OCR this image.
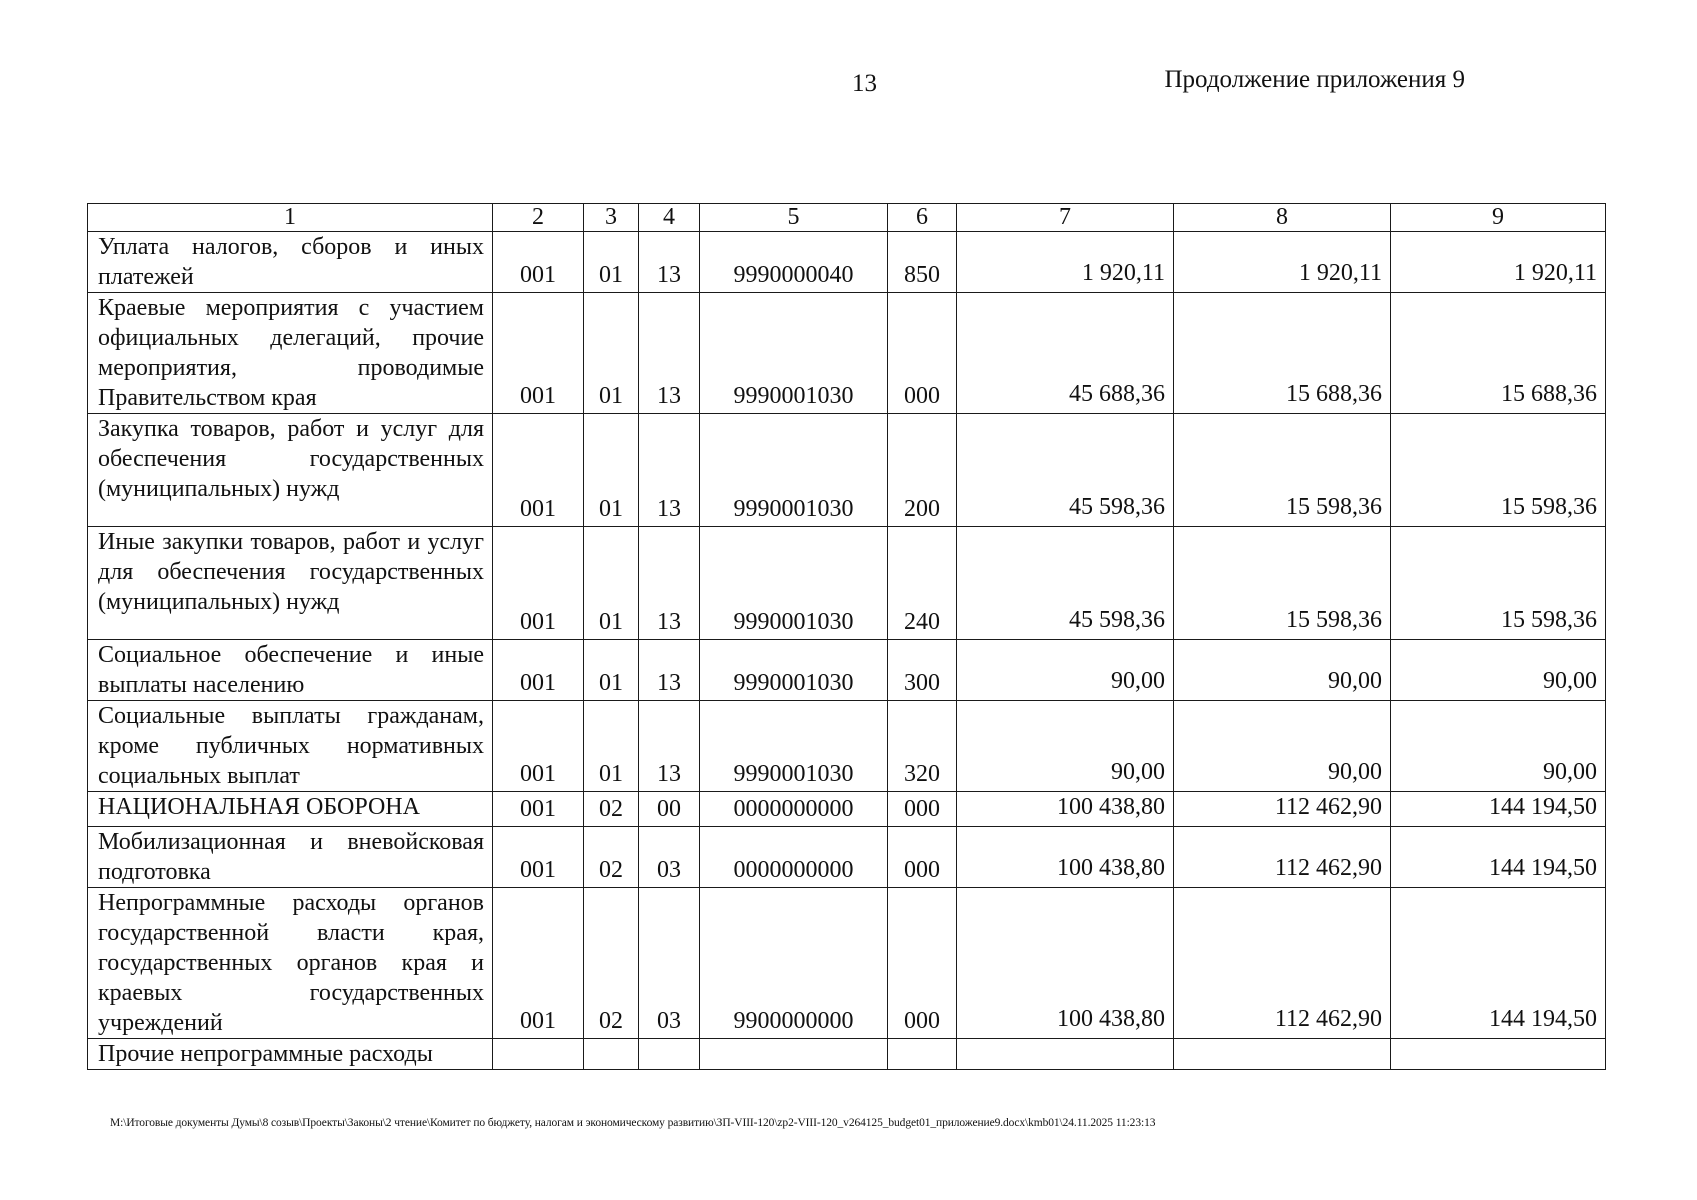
13	Продолжение приложения 9
1	2	3	4	5	6	7	8	9
Уплата налогов, сборов и иных платежей	001	01	13	9990000040	850	1 920,11	1 920,11	1 920,11
Краевые мероприятия с участием официальных делегаций, прочие мероприятия, проводимые Правительством края	001	01	13	9990001030	000	45 688,36	15 688,36	15 688,36
Закупка товаров, работ и услуг для обеспечения государственных (муниципальных) нужд	001	01	13	9990001030	200	45 598,36	15 598,36	15 598,36
Иные закупки товаров, работ и услуг для обеспечения государственных (муниципальных) нужд	001	01	13	9990001030	240	45 598,36	15 598,36	15 598,36
Социальное обеспечение и иные выплаты населению	001	01	13	9990001030	300	90,00	90,00	90,00
Социальные выплаты гражданам, кроме публичных нормативных социальных выплат	001	01	13	9990001030	320	90,00	90,00	90,00
НАЦИОНАЛЬНАЯ ОБОРОНА	001	02	00	0000000000	000	100 438,80	112 462,90	144 194,50
Мобилизационная и вневойсковая подготовка	001	02	03	0000000000	000	100 438,80	112 462,90	144 194,50
Непрограммные расходы органов государственной власти края, государственных органов края и краевых государственных учреждений	001	02	03	9900000000	000	100 438,80	112 462,90	144 194,50
Прочие непрограммные расходы								
M:\Итоговые документы Думы\8 созыв\Проекты\Законы\2 чтение\Комитет по бюджету, налогам и экономическому развитию\ЗП-VIII-120\zp2-VIII-120_v264125_budget01_приложение9.docx\kmb01\24.11.2025 11:23:13
